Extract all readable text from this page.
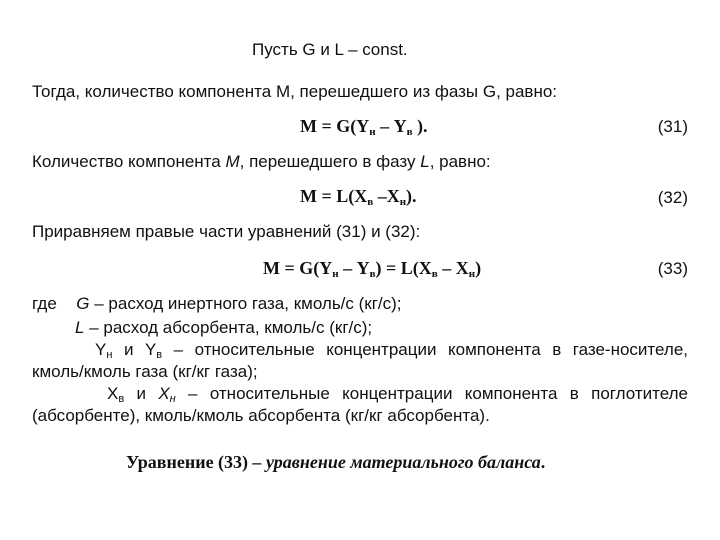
Пусть G и L – const.
Тогда, количество компонента М, перешедшего из фазы G, равно:
$M = G(Y_н - Y_в$ ).	(31)
Количество компонента M, перешедшего в фазу L, равно:
$M = L(X_в$ $-X_н$).	(32)
Приравняем правые части уравнений (31) и (32):
$M = G(Y_н - Y_в) = L(X_в - X_н)$	(33)
где G – расход инертного газа, кмоль/с (кг/с);
L – расход абсорбента, кмоль/с (кг/с);
$Y_н$ и $Y_в$ – относительные концентрации компонента в газе-носителе,
кмоль/кмоль газа (кг/кг газа);
$X_в$ и $X_н$ – относительные концентрации компонента в поглотителе
(абсорбенте), кмоль/кмоль абсорбента (кг/кг абсорбента).
Уравнение (33) – уравнение материального баланса.
